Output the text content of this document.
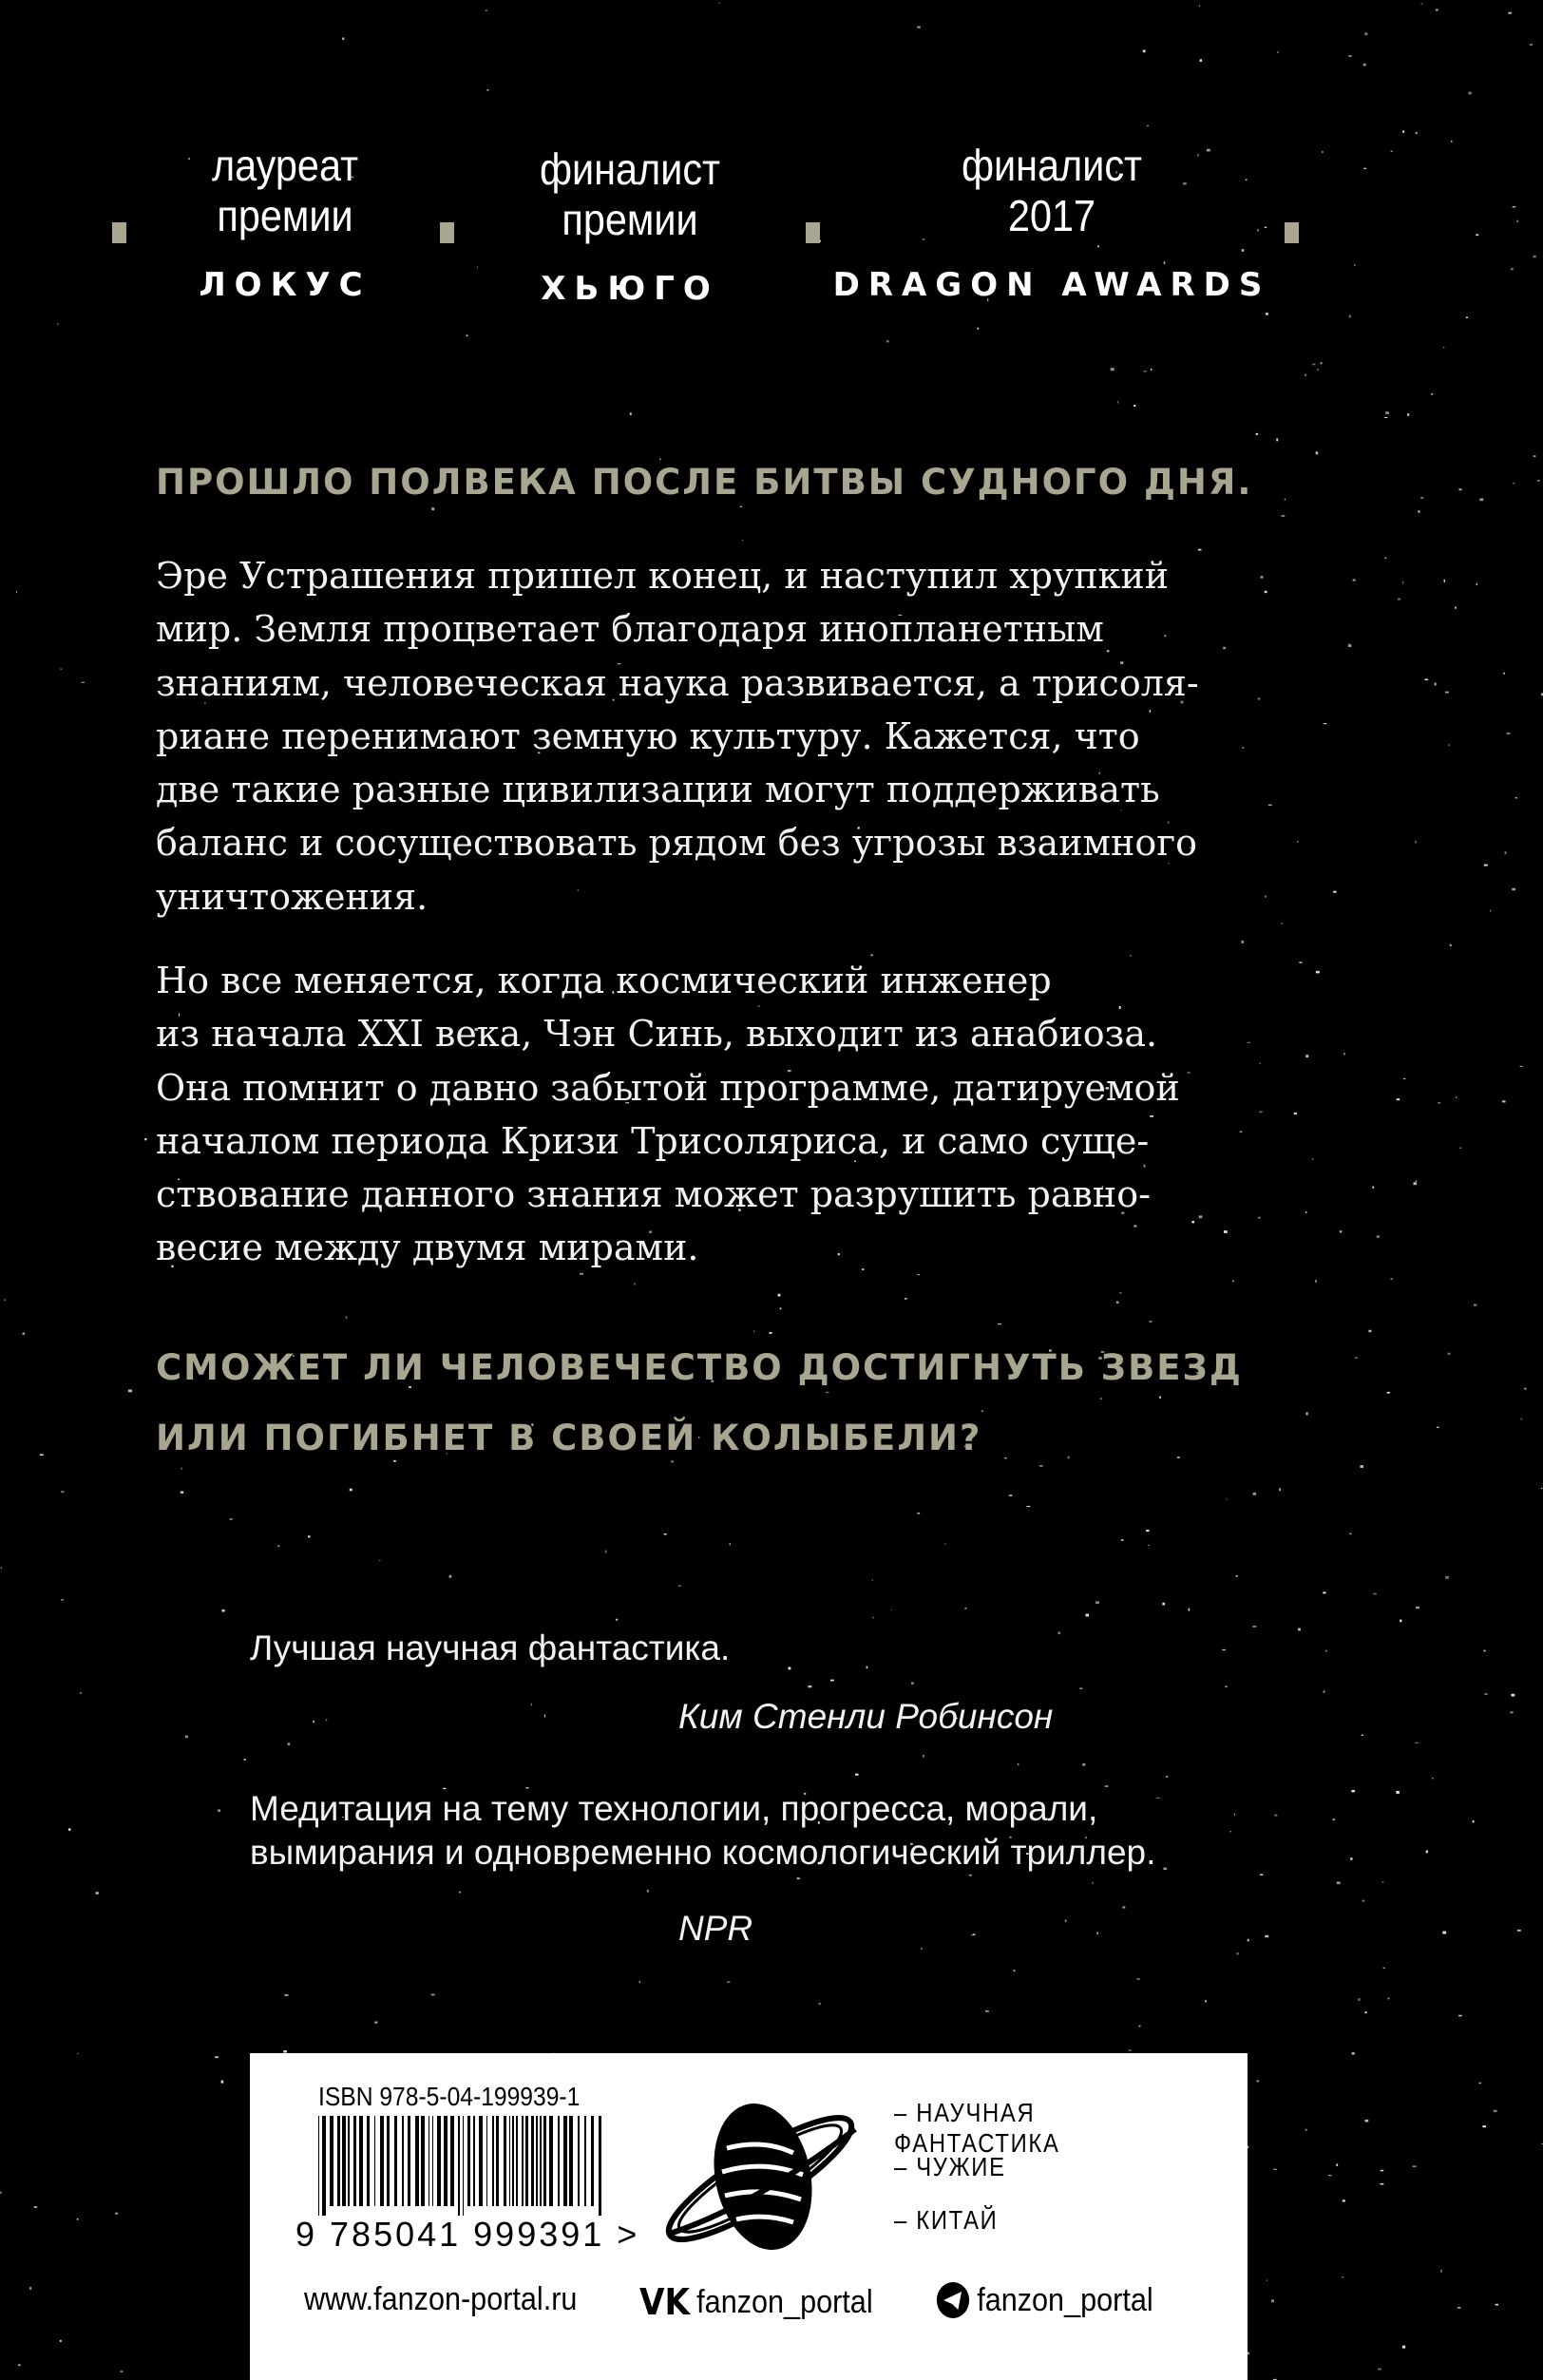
лауреат
премии
ЛОКУС
финалист
премии
ХЬЮГО
финалист
2017
DRAGON AWARDS
ПРОШЛО ПОЛВЕКА ПОСЛЕ БИТВЫ СУДНОГО ДНЯ.
Эре Устрашения пришел конец, и наступил хрупкий
мир. Земля процветает благодаря инопланетным
знаниям, человеческая наука развивается, а трисоля-
риане перенимают земную культуру. Кажется, что
две такие разные цивилизации могут поддерживать
баланс и сосуществовать рядом без угрозы взаимного
уничтожения.
Но все меняется, когда космический инженер
из начала XXI века, Чэн Синь, выходит из анабиоза.
Она помнит о давно забытой программе, датируемой
началом периода Кризи Трисоляриса, и само суще-
ствование данного знания может разрушить равно-
весие между двумя мирами.
СМОЖЕТ ЛИ ЧЕЛОВЕЧЕСТВО ДОСТИГНУТЬ ЗВЕЗД
ИЛИ ПОГИБНЕТ В СВОЕЙ КОЛЫБЕЛИ?
Лучшая научная фантастика.
Ким Стенли Робинсон
Медитация на тему технологии, прогресса, морали,
вымирания и одновременно космологический триллер.
NPR
ISBN 978-5-04-199939-1
9 785041 999391 >
– НАУЧНАЯ ФАНТАСТИКА
– ЧУЖИЕ
– КИТАЙ
www.fanzon-portal.ru VK fanzon_portal	fanzon_portal
